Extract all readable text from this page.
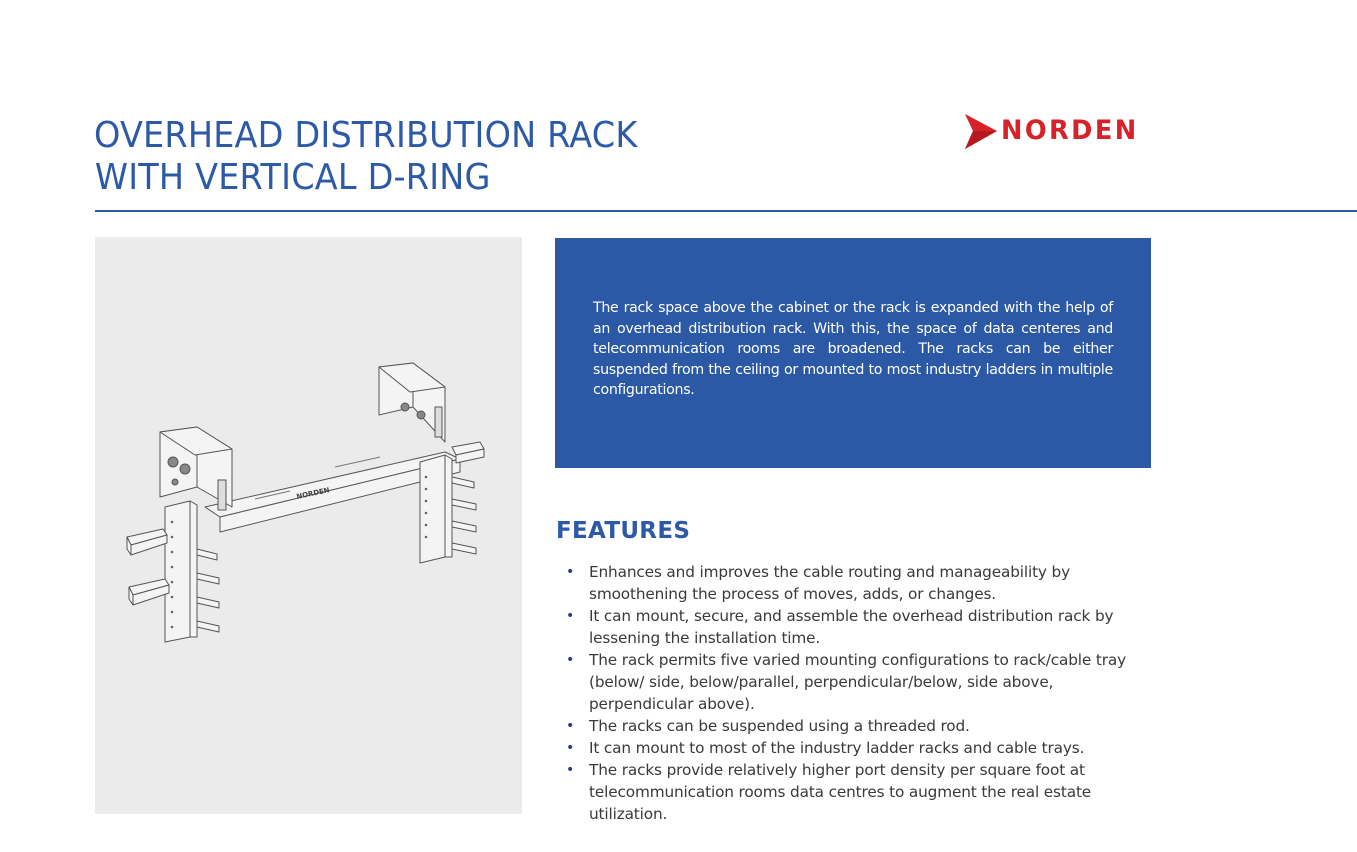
OVERHEAD DISTRIBUTION RACK
WITH VERTICAL D-RING
NORDEN
NORDEN

The rack space above the cabinet or the rack is expanded with the help of an overhead distribution rack. With this, the space of data centeres and telecommunication rooms are broadened. The racks can be either suspended from the ceiling or mounted to most industry ladders in multiple configurations.

FEATURES
• Enhances and improves the cable routing and manageability by smoothening the process of moves, adds, or changes.
• It can mount, secure, and assemble the overhead distribution rack by lessening the installation time.
• The rack permits five varied mounting configurations to rack/cable tray (below/ side, below/parallel, perpendicular/below, side above, perpendicular above).
• The racks can be suspended using a threaded rod.
• It can mount to most of the industry ladder racks and cable trays.
• The racks provide relatively higher port density per square foot at telecommunication rooms data centres to augment the real estate utilization.
